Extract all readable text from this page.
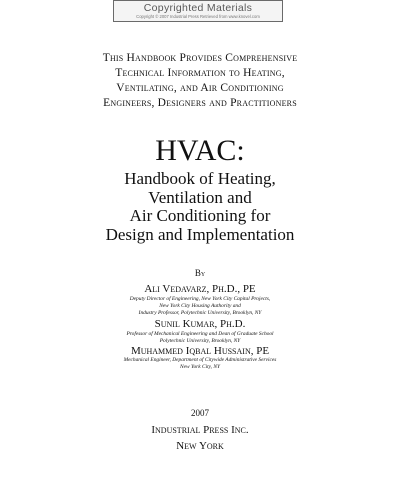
Copyrighted Materials
Copyright © 2007 Industrial Press Retrieved from www.knovel.com
This Handbook Provides Comprehensive
Technical Information to Heating,
Ventilating, and Air Conditioning
Engineers, Designers and Practitioners
HVAC:
Handbook of Heating,
Ventilation and
Air Conditioning for
Design and Implementation
By
Ali Vedavarz, Ph.D., PE
Deputy Director of Engineering, New York City Capital Projects,
New York City Housing Authority and
Industry Professor, Polytechnic University, Brooklyn, NY
Sunil Kumar, Ph.D.
Professor of Mechanical Engineering and Dean of Graduate School
Polytechnic University, Brooklyn, NY
Muhammed Iqbal Hussain, PE
Mechanical Engineer, Department of Citywide Administrative Services
New York City, NY
2007
Industrial Press Inc.
New York
